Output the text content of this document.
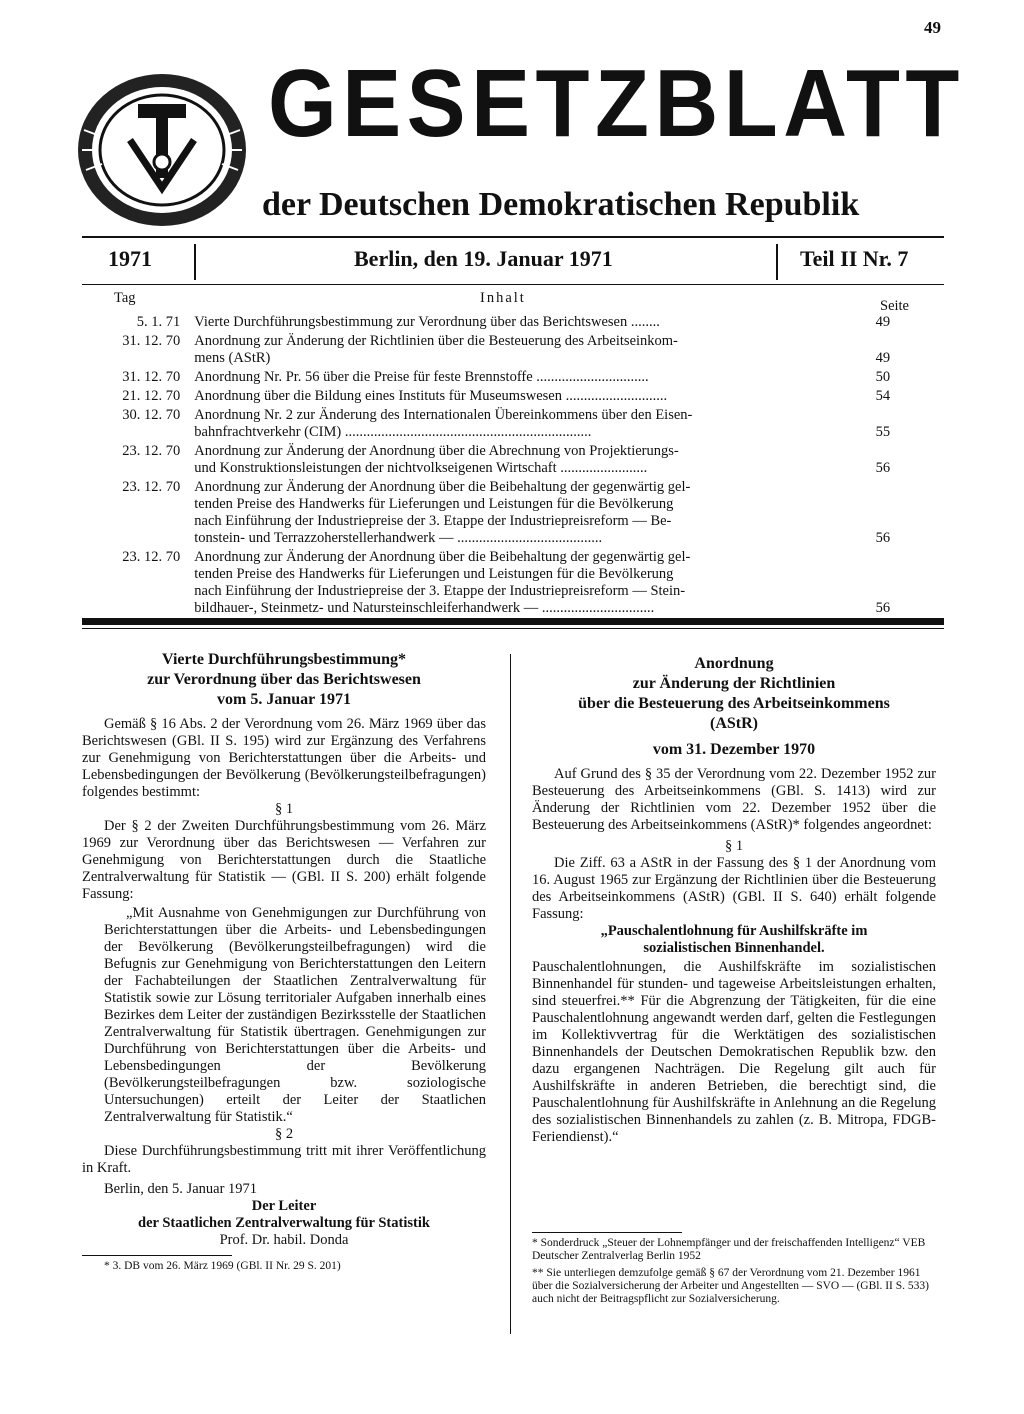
49
GESETZBLATT
der Deutschen Demokratischen Republik
1971	Berlin, den 19. Januar 1971	Teil II Nr. 7
Tag	Inhalt	Seite
5. 1. 71	Vierte Durchführungsbestimmung zur Verordnung über das Berichtswesen ........	49
31. 12. 70	Anordnung zur Änderung der Richtlinien über die Besteuerung des Arbeitseinkom-
mens (AStR)	49
31. 12. 70	Anordnung Nr. Pr. 56 über die Preise für feste Brennstoffe ...............................	50
21. 12. 70	Anordnung über die Bildung eines Instituts für Museumswesen ............................	54
30. 12. 70	Anordnung Nr. 2 zur Änderung des Internationalen Übereinkommens über den Eisen-
bahnfrachtverkehr (CIM) ....................................................................	55
23. 12. 70	Anordnung zur Änderung der Anordnung über die Abrechnung von Projektierungs-
und Konstruktionsleistungen der nichtvolkseigenen Wirtschaft ........................	56
23. 12. 70	Anordnung zur Änderung der Anordnung über die Beibehaltung der gegenwärtig gel-
tenden Preise des Handwerks für Lieferungen und Leistungen für die Bevölkerung
nach Einführung der Industriepreise der 3. Etappe der Industriepreisreform — Be-
tonstein- und Terrazzoherstellerhandwerk — ........................................	56
23. 12. 70	Anordnung zur Änderung der Anordnung über die Beibehaltung der gegenwärtig gel-
tenden Preise des Handwerks für Lieferungen und Leistungen für die Bevölkerung
nach Einführung der Industriepreise der 3. Etappe der Industriepreisreform — Stein-
bildhauer-, Steinmetz- und Natursteinschleiferhandwerk — ...............................	56

Vierte Durchführungsbestimmung*

zur Verordnung über das Berichtswesen

vom 5. Januar 1971

Gemäß § 16 Abs. 2 der Verordnung vom 26. März 1969 über das Berichtswesen (GBl. II S. 195) wird zur Ergänzung des Verfahrens zur Genehmigung von Berichterstattungen über die Arbeits- und Lebensbedingungen der Bevölkerung (Bevölkerungsteilbefragungen) folgendes bestimmt:

§ 1

Der § 2 der Zweiten Durchführungsbestimmung vom 26. März 1969 zur Verordnung über das Berichtswesen — Verfahren zur Genehmigung von Berichterstattungen durch die Staatliche Zentralverwaltung für Statistik — (GBl. II S. 200) erhält folgende Fassung:

„Mit Ausnahme von Genehmigungen zur Durchführung von Berichterstattungen über die Arbeits- und Lebensbedingungen der Bevölkerung (Bevölkerungsteilbefragungen) wird die Befugnis zur Genehmigung von Berichterstattungen den Leitern der Fachabteilungen der Staatlichen Zentralverwaltung für Statistik sowie zur Lösung territorialer Aufgaben innerhalb eines Bezirkes dem Leiter der zuständigen Bezirksstelle der Staatlichen Zentralverwaltung für Statistik übertragen. Genehmigungen zur Durchführung von Berichterstattungen über die Arbeits- und Lebensbedingungen der Bevölkerung (Bevölkerungsteilbefragungen bzw. soziologische Untersuchungen) erteilt der Leiter der Staatlichen Zentralverwaltung für Statistik.“

§ 2

Diese Durchführungsbestimmung tritt mit ihrer Veröffentlichung in Kraft.

Berlin, den 5. Januar 1971

Der Leiter

der Staatlichen Zentralverwaltung für Statistik

Prof. Dr. habil. Donda

* 3. DB vom 26. März 1969 (GBl. II Nr. 29 S. 201)

Anordnung

zur Änderung der Richtlinien

über die Besteuerung des Arbeitseinkommens

(AStR)

vom 31. Dezember 1970

Auf Grund des § 35 der Verordnung vom 22. Dezember 1952 zur Besteuerung des Arbeitseinkommens (GBl. S. 1413) wird zur Änderung der Richtlinien vom 22. Dezember 1952 über die Besteuerung des Arbeitseinkommens (AStR)* folgendes angeordnet:

§ 1

Die Ziff. 63 a AStR in der Fassung des § 1 der Anordnung vom 16. August 1965 zur Ergänzung der Richtlinien über die Besteuerung des Arbeitseinkommens (AStR) (GBl. II S. 640) erhält folgende Fassung:

„Pauschalentlohnung für Aushilfskräfte im

sozialistischen Binnenhandel.

Pauschalentlohnungen, die Aushilfskräfte im sozialistischen Binnenhandel für stunden- und tageweise Arbeitsleistungen erhalten, sind steuerfrei.** Für die Abgrenzung der Tätigkeiten, für die eine Pauschalentlohnung angewandt werden darf, gelten die Festlegungen im Kollektivvertrag für die Werktätigen des sozialistischen Binnenhandels der Deutschen Demokratischen Republik bzw. den dazu ergangenen Nachträgen. Die Regelung gilt auch für Aushilfskräfte in anderen Betrieben, die berechtigt sind, die Pauschalentlohnung für Aushilfskräfte in Anlehnung an die Regelung des sozialistischen Binnenhandels zu zahlen (z. B. Mitropa, FDGB-Feriendienst).“

* Sonderdruck „Steuer der Lohnempfänger und der freischaffenden Intelligenz“ VEB Deutscher Zentralverlag Berlin 1952

** Sie unterliegen demzufolge gemäß § 67 der Verordnung vom 21. Dezember 1961 über die Sozialversicherung der Arbeiter und Angestellten — SVO — (GBl. II S. 533) auch nicht der Beitragspflicht zur Sozialversicherung.
